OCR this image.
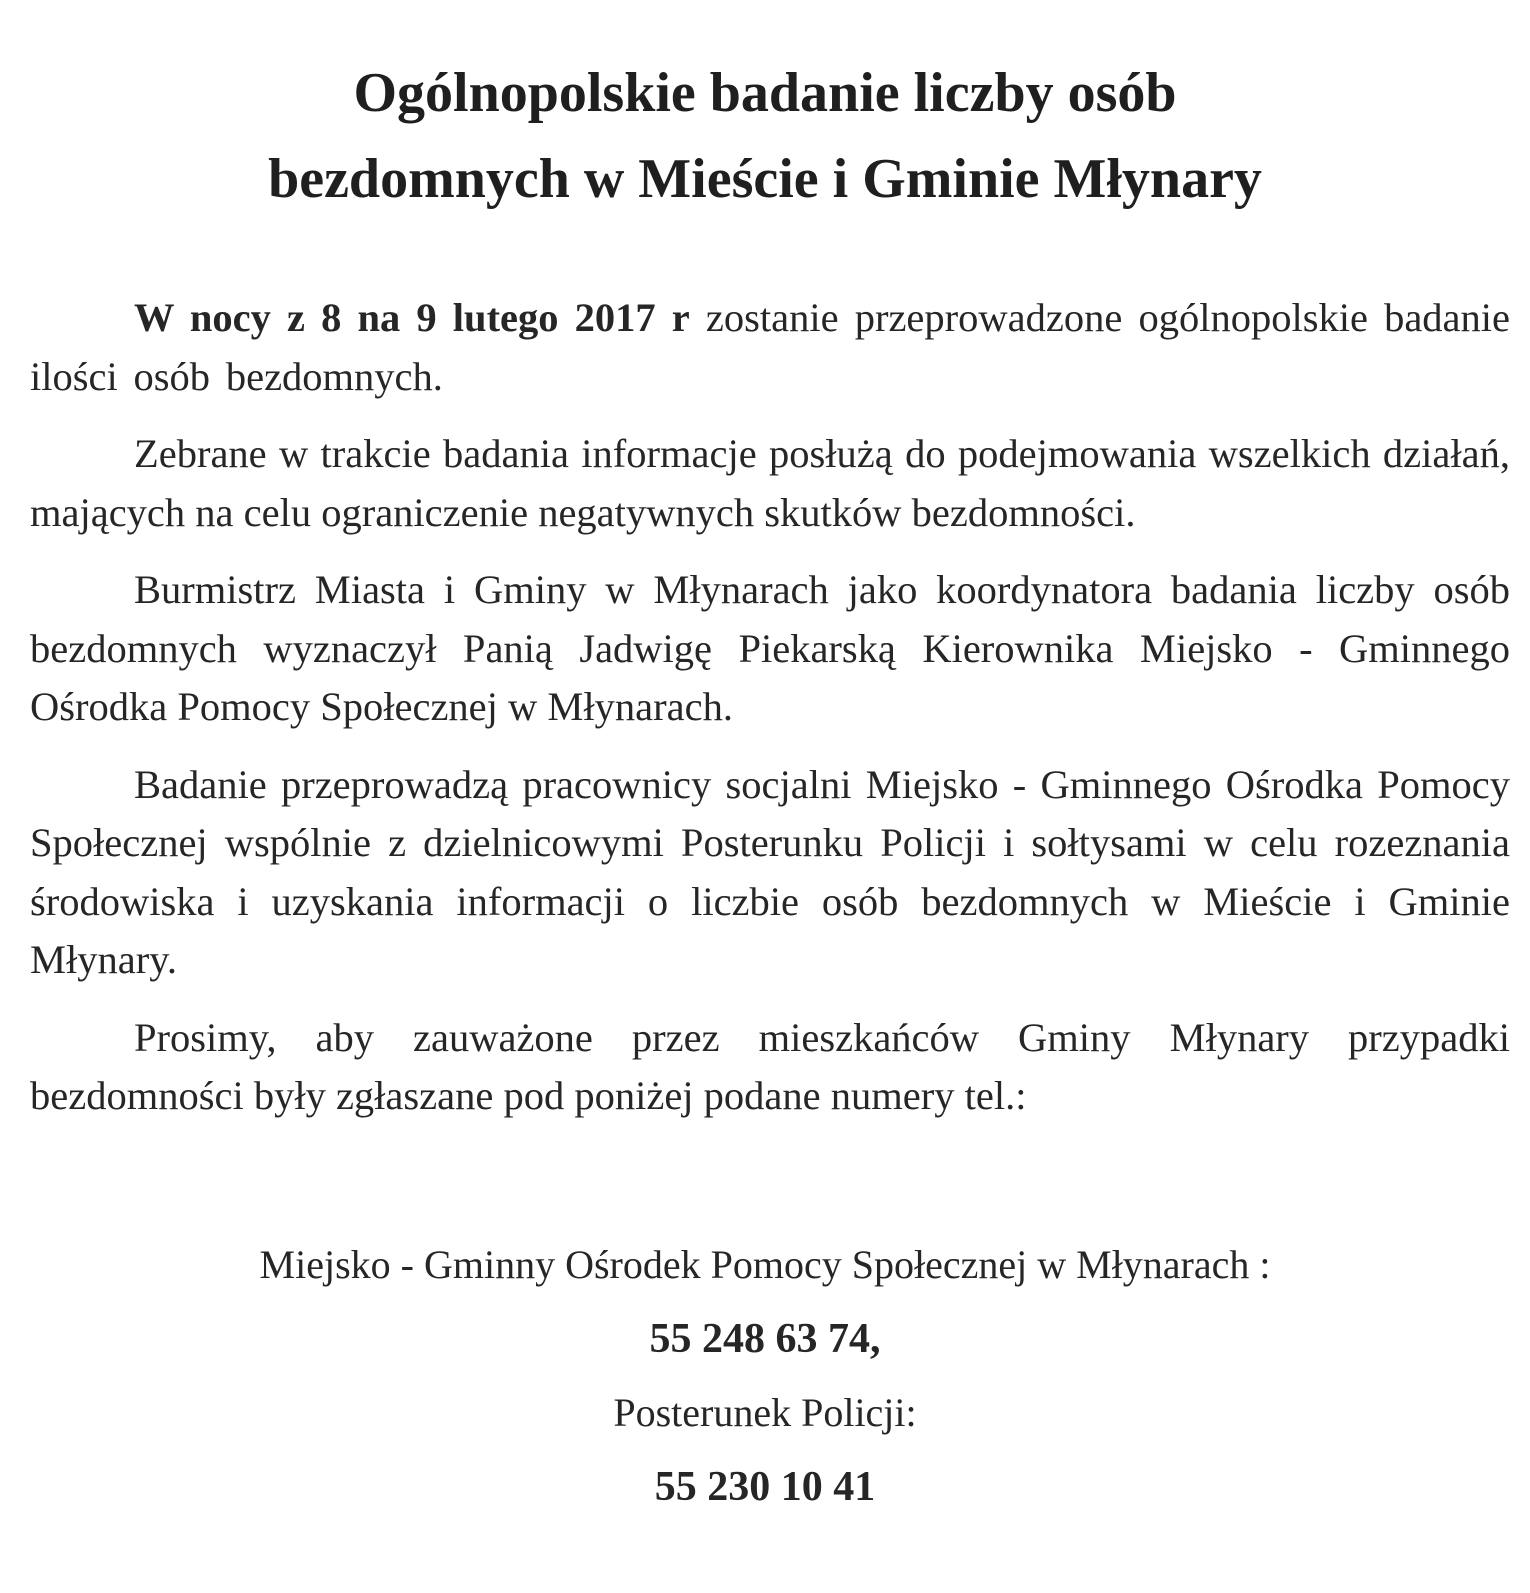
Ogólnopolskie badanie liczby osób
bezdomnych w Mieście i Gminie Młynary

W nocy z 8 na 9 lutego 2017 r zostanie przeprowadzone ogólnopolskie badanie ilości osób bezdomnych.

Zebrane w trakcie badania informacje posłużą do podejmowania wszelkich działań, mających na celu ograniczenie negatywnych skutków bezdomności.

Burmistrz Miasta i Gminy w Młynarach jako koordynatora badania liczby osób bezdomnych wyznaczył Panią Jadwigę Piekarską Kierownika Miejsko - Gminnego Ośrodka Pomocy Społecznej w Młynarach.

Badanie przeprowadzą pracownicy socjalni Miejsko - Gminnego Ośrodka Pomocy Społecznej wspólnie z dzielnicowymi Posterunku Policji i sołtysami w celu rozeznania środowiska i uzyskania informacji o liczbie osób bezdomnych w Mieście i Gminie Młynary.

Prosimy, aby zauważone przez mieszkańców Gminy Młynary przypadki bezdomności były zgłaszane pod poniżej podane numery tel.:

Miejsko - Gminny Ośrodek Pomocy Społecznej w Młynarach :
55 248 63 74,
Posterunek Policji:
55 230 10 41
